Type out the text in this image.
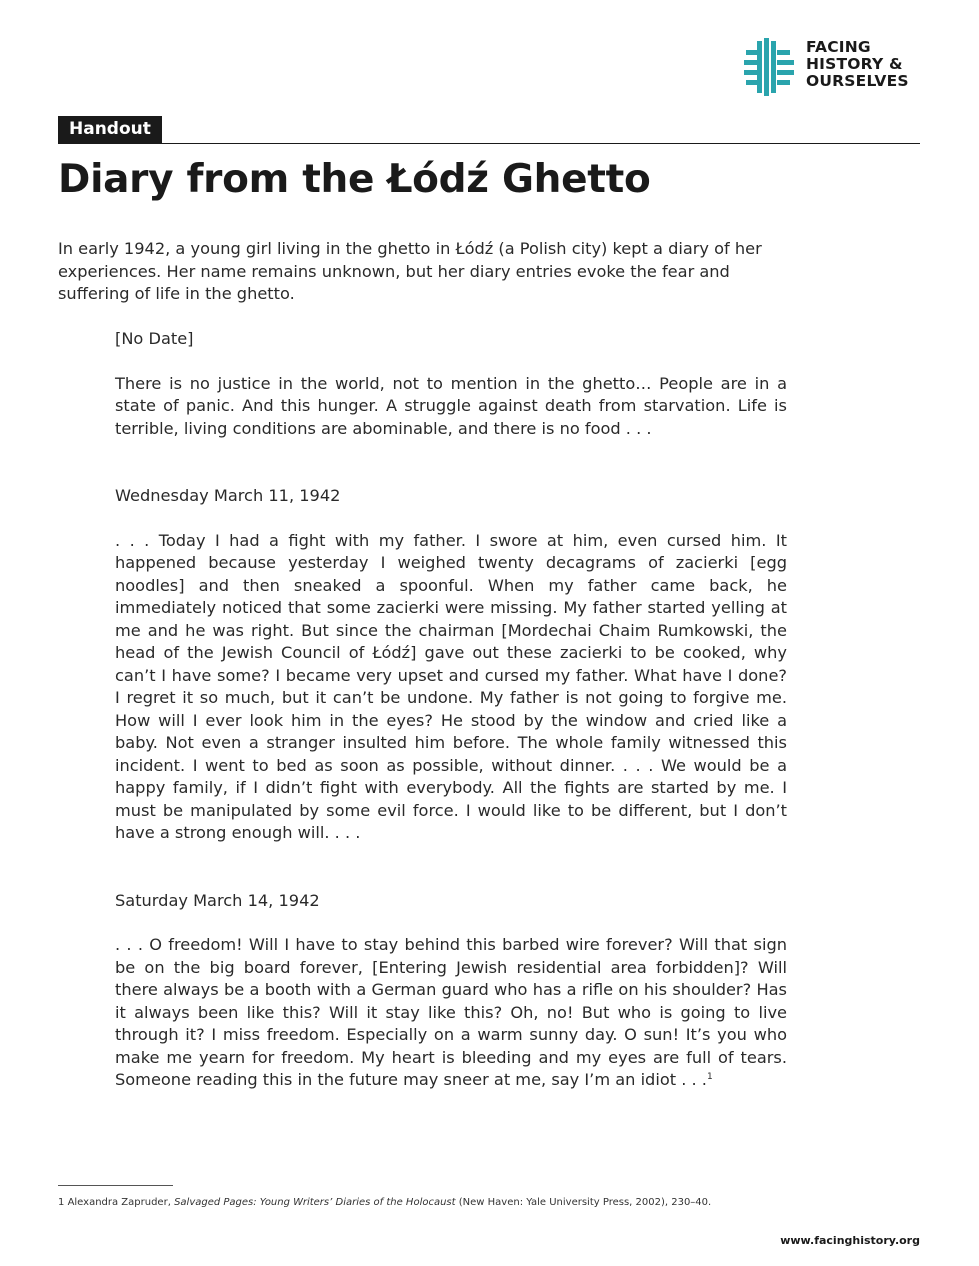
FACING
HISTORY &
OURSELVES
Handout
Diary from the Łódź Ghetto

In early 1942, a young girl living in the ghetto in Łódź (a Polish city) kept a diary of her experiences. Her name remains unknown, but her diary entries evoke the fear and suffering of life in the ghetto.

[No Date]

There is no justice in the world, not to mention in the ghetto… People are in a state of panic. And this hunger. A struggle against death from starvation. Life is terrible, living conditions are abominable, and there is no food . . .

Wednesday March 11, 1942

. . . Today I had a fight with my father. I swore at him, even cursed him. It happened because yesterday I weighed twenty decagrams of zacierki [egg noodles] and then sneaked a spoonful. When my father came back, he immediately noticed that some zacierki were missing. My father started yelling at me and he was right. But since the chairman [Mordechai Chaim Rumkowski, the head of the Jewish Council of Łódź] gave out these zacierki to be cooked, why can’t I have some? I became very upset and cursed my father. What have I done? I regret it so much, but it can’t be undone. My father is not going to forgive me. How will I ever look him in the eyes? He stood by the window and cried like a baby. Not even a stranger insulted him before. The whole family witnessed this incident. I went to bed as soon as possible, without dinner. . . . We would be a happy family, if I didn’t fight with everybody. All the fights are started by me. I must be manipulated by some evil force. I would like to be different, but I don’t have a strong enough will. . . .

Saturday March 14, 1942

. . . O freedom! Will I have to stay behind this barbed wire forever? Will that sign be on the big board forever, [Entering Jewish residential area forbidden]? Will there always be a booth with a German guard who has a rifle on his shoulder? Has it always been like this? Will it stay like this? Oh, no! But who is going to live through it? I miss freedom. Especially on a warm sunny day. O sun! It’s you who make me yearn for freedom. My heart is bleeding and my eyes are full of tears. Someone reading this in the future may sneer at me, say I’m an idiot . . .$^1$

1 Alexandra Zapruder, Salvaged Pages: Young Writers’ Diaries of the Holocaust (New Haven: Yale University Press, 2002), 230–40.

www.facinghistory.org
